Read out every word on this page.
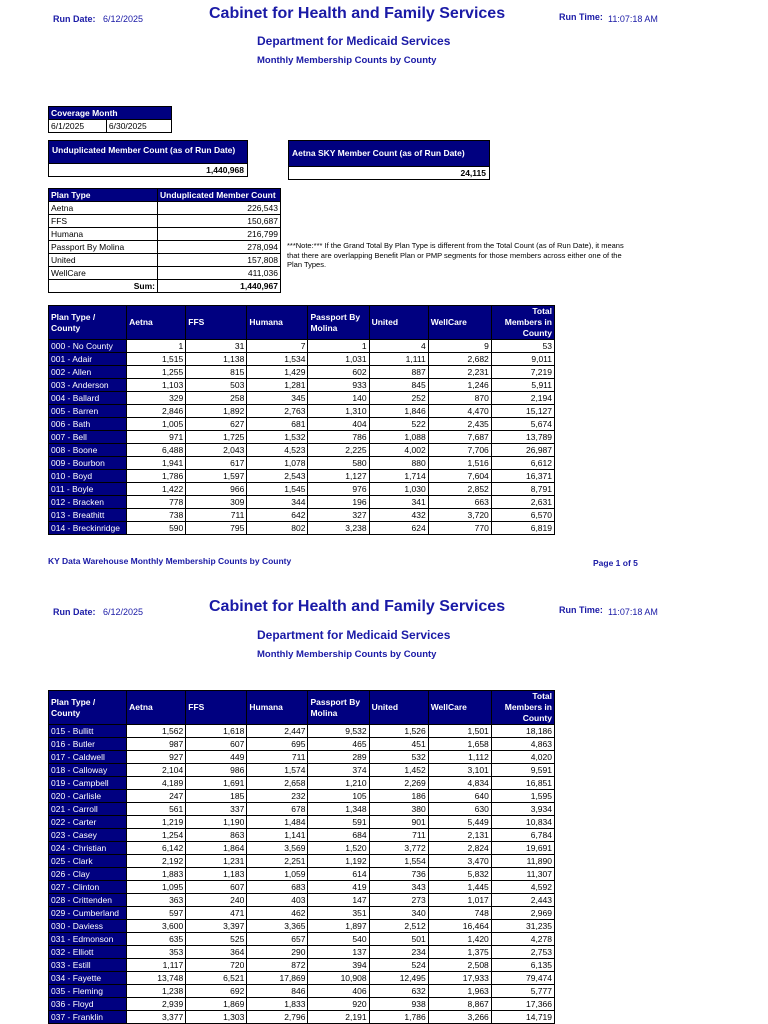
Run Date: 6/12/2025	Cabinet for Health and Family Services	Run Time: 11:07:18 AM
Department for Medicaid Services
Monthly Membership Counts by County
Coverage Month
6/1/2025	6/30/2025
Unduplicated Member Count (as of Run Date)
1,440,968
Aetna SKY Member Count (as of Run Date)
24,115
Plan Type	Unduplicated Member Count
Aetna	226,543
FFS	150,687
Humana	216,799
Passport By Molina	278,094
United	157,808
WellCare	411,036
Sum:	1,440,967
***Note:*** If the Grand Total By Plan Type is different from the Total Count (as of Run Date), it means that there are overlapping Benefit Plan or PMP segments for those members across either one of the Plan Types.
Plan Type / County	Aetna	FFS	Humana	Passport By Molina	United	WellCare	Total Members in County
000 - No County	1	31	7	1	4	9	53
001 - Adair	1,515	1,138	1,534	1,031	1,111	2,682	9,011
002 - Allen	1,255	815	1,429	602	887	2,231	7,219
003 - Anderson	1,103	503	1,281	933	845	1,246	5,911
004 - Ballard	329	258	345	140	252	870	2,194
005 - Barren	2,846	1,892	2,763	1,310	1,846	4,470	15,127
006 - Bath	1,005	627	681	404	522	2,435	5,674
007 - Bell	971	1,725	1,532	786	1,088	7,687	13,789
008 - Boone	6,488	2,043	4,523	2,225	4,002	7,706	26,987
009 - Bourbon	1,941	617	1,078	580	880	1,516	6,612
010 - Boyd	1,786	1,597	2,543	1,127	1,714	7,604	16,371
011 - Boyle	1,422	966	1,545	976	1,030	2,852	8,791
012 - Bracken	778	309	344	196	341	663	2,631
013 - Breathitt	738	711	642	327	432	3,720	6,570
014 - Breckinridge	590	795	802	3,238	624	770	6,819
KY Data Warehouse Monthly Membership Counts by County	Page 1 of 5
Run Date: 6/12/2025	Cabinet for Health and Family Services	Run Time: 11:07:18 AM
Department for Medicaid Services
Monthly Membership Counts by County
Plan Type / County	Aetna	FFS	Humana	Passport By Molina	United	WellCare	Total Members in County
015 - Bullitt	1,562	1,618	2,447	9,532	1,526	1,501	18,186
016 - Butler	987	607	695	465	451	1,658	4,863
017 - Caldwell	927	449	711	289	532	1,112	4,020
018 - Calloway	2,104	986	1,574	374	1,452	3,101	9,591
019 - Campbell	4,189	1,691	2,658	1,210	2,269	4,834	16,851
020 - Carlisle	247	185	232	105	186	640	1,595
021 - Carroll	561	337	678	1,348	380	630	3,934
022 - Carter	1,219	1,190	1,484	591	901	5,449	10,834
023 - Casey	1,254	863	1,141	684	711	2,131	6,784
024 - Christian	6,142	1,864	3,569	1,520	3,772	2,824	19,691
025 - Clark	2,192	1,231	2,251	1,192	1,554	3,470	11,890
026 - Clay	1,883	1,183	1,059	614	736	5,832	11,307
027 - Clinton	1,095	607	683	419	343	1,445	4,592
028 - Crittenden	363	240	403	147	273	1,017	2,443
029 - Cumberland	597	471	462	351	340	748	2,969
030 - Daviess	3,600	3,397	3,365	1,897	2,512	16,464	31,235
031 - Edmonson	635	525	657	540	501	1,420	4,278
032 - Elliott	353	364	290	137	234	1,375	2,753
033 - Estill	1,117	720	872	394	524	2,508	6,135
034 - Fayette	13,748	6,521	17,869	10,908	12,495	17,933	79,474
035 - Fleming	1,238	692	846	406	632	1,963	5,777
036 - Floyd	2,939	1,869	1,833	920	938	8,867	17,366
037 - Franklin	3,377	1,303	2,796	2,191	1,786	3,266	14,719
